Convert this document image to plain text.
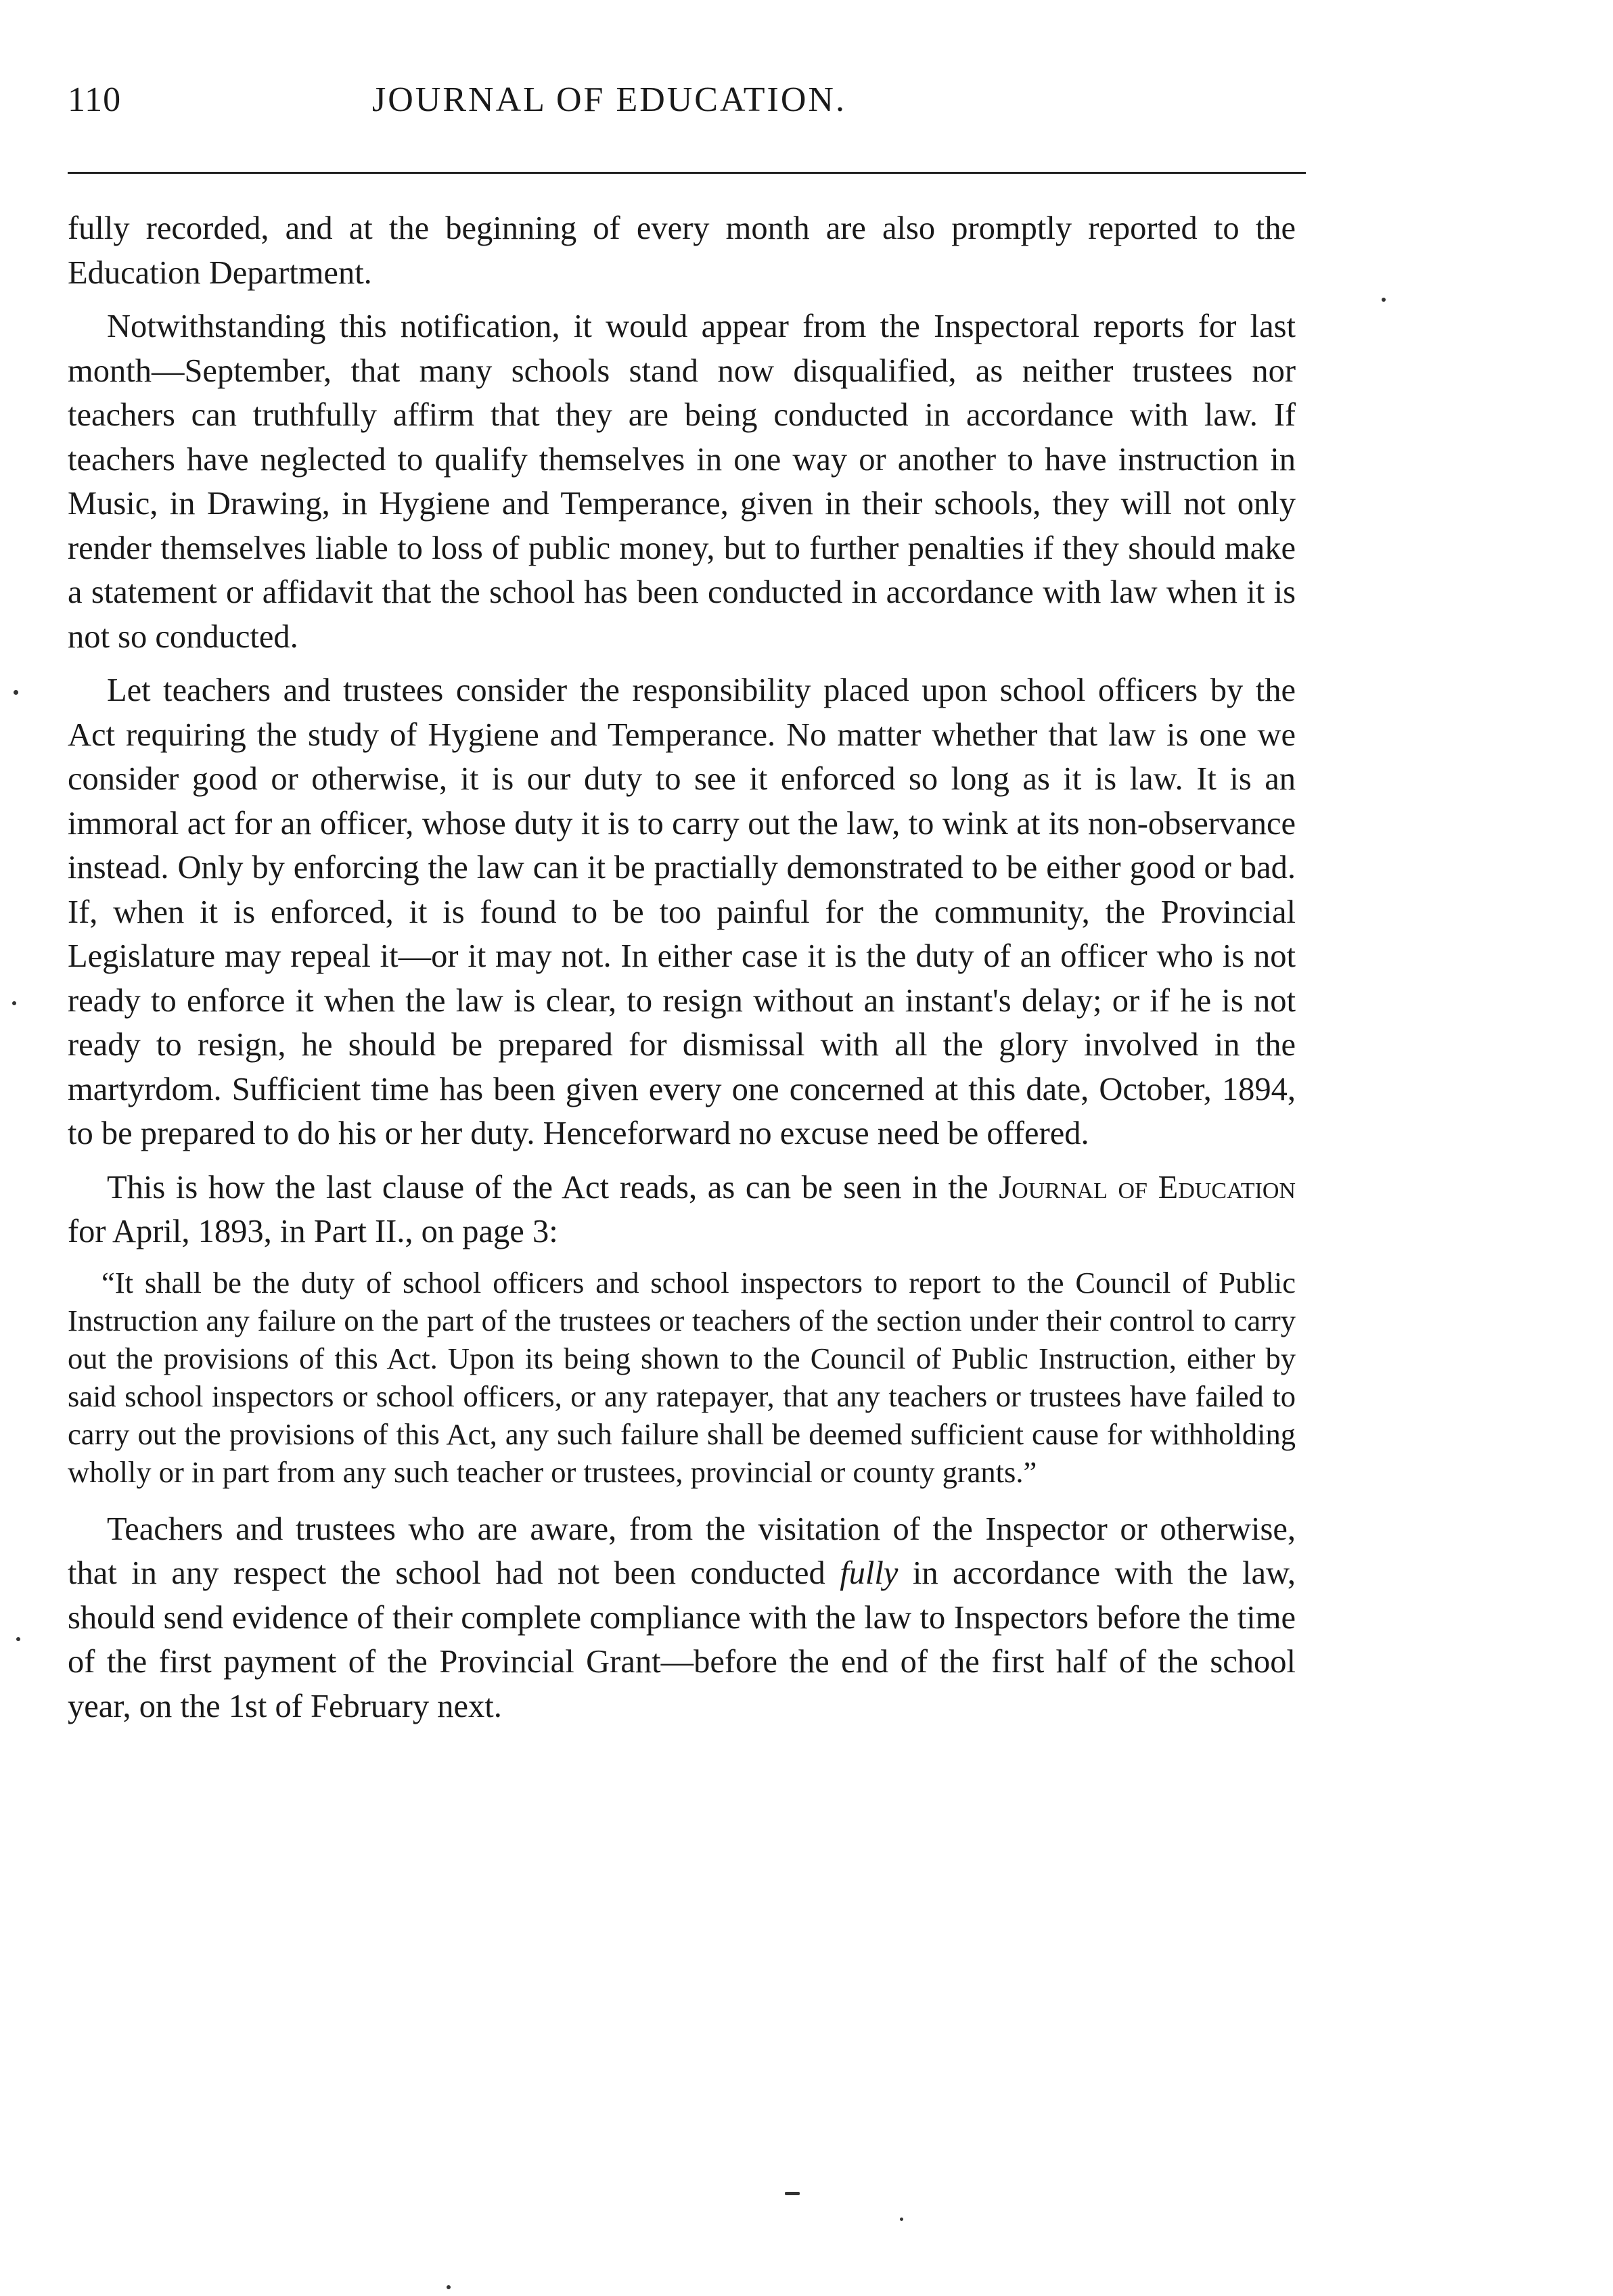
110	JOURNAL OF EDUCATION.

fully recorded, and at the beginning of every month are also promptly reported to the Education Department.

Notwithstanding this notification, it would appear from the Inspectoral reports for last month—September, that many schools stand now disqualified, as neither trustees nor teachers can truthfully affirm that they are being conducted in accordance with law. If teachers have neglected to qualify themselves in one way or another to have instruction in Music, in Drawing, in Hygiene and Temperance, given in their schools, they will not only render themselves liable to loss of public money, but to further penalties if they should make a statement or affidavit that the school has been conducted in accordance with law when it is not so conducted.

Let teachers and trustees consider the responsibility placed upon school officers by the Act requiring the study of Hygiene and Temperance. No matter whether that law is one we consider good or otherwise, it is our duty to see it enforced so long as it is law. It is an immoral act for an officer, whose duty it is to carry out the law, to wink at its non-observance instead. Only by enforcing the law can it be practially demonstrated to be either good or bad. If, when it is enforced, it is found to be too painful for the community, the Provincial Legislature may repeal it—or it may not. In either case it is the duty of an officer who is not ready to enforce it when the law is clear, to resign without an instant's delay; or if he is not ready to resign, he should be prepared for dismissal with all the glory involved in the martyrdom. Sufficient time has been given every one concerned at this date, October, 1894, to be prepared to do his or her duty. Henceforward no excuse need be offered.

This is how the last clause of the Act reads, as can be seen in the Journal of Education for April, 1893, in Part II., on page 3:

“It shall be the duty of school officers and school inspectors to report to the Council of Public Instruction any failure on the part of the trustees or teachers of the section under their control to carry out the provisions of this Act. Upon its being shown to the Council of Public Instruction, either by said school inspectors or school officers, or any ratepayer, that any teachers or trustees have failed to carry out the provisions of this Act, any such failure shall be deemed sufficient cause for withholding wholly or in part from any such teacher or trustees, provincial or county grants.”

Teachers and trustees who are aware, from the visitation of the Inspector or otherwise, that in any respect the school had not been conducted fully in accordance with the law, should send evidence of their complete compliance with the law to Inspectors before the time of the first payment of the Provincial Grant—before the end of the first half of the school year, on the 1st of February next.
